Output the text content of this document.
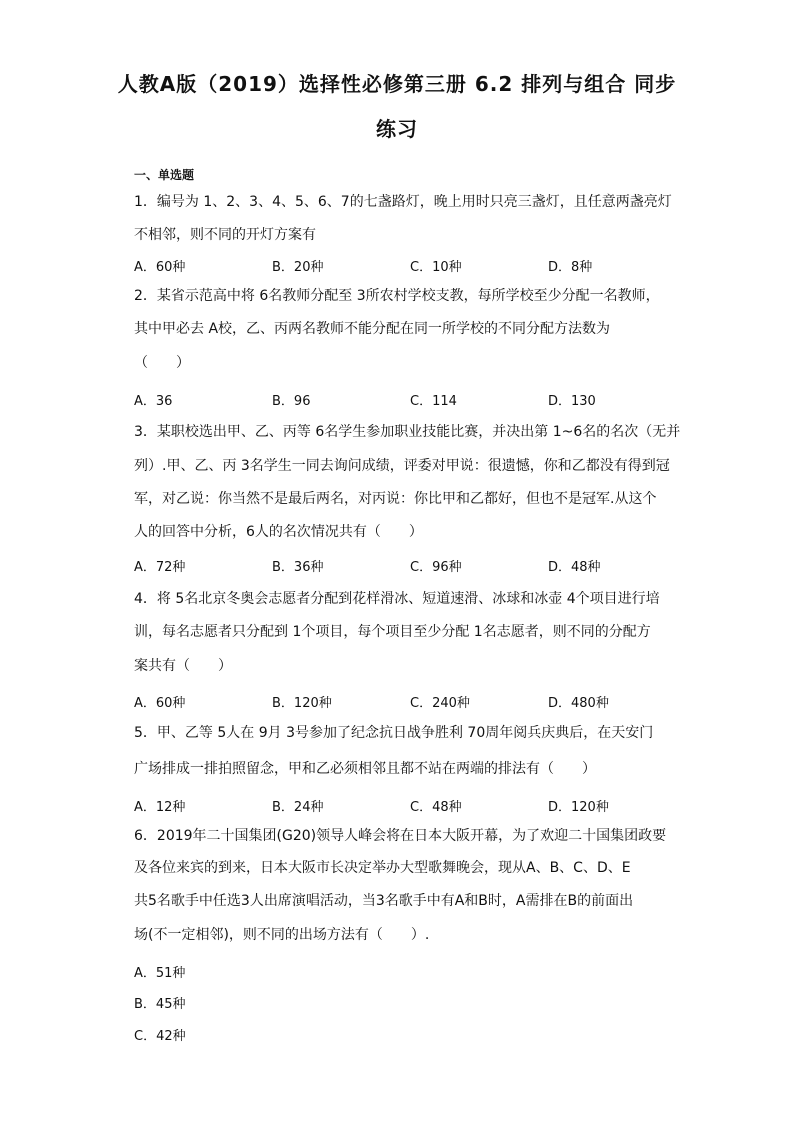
人教A版（2019）选择性必修第三册 6.2 排列与组合 同步
练习
一、单选题
1．编号为 1、2、3、4、5、6、7的七盏路灯，晚上用时只亮三盏灯，且任意两盏亮灯
不相邻，则不同的开灯方案有
A．60种	B．20种	C．10种	D．8种
2．某省示范高中将 6名教师分配至 3所农村学校支教，每所学校至少分配一名教师，
其中甲必去 A校，乙、丙两名教师不能分配在同一所学校的不同分配方法数为
（　　）
A．36	B．96	C．114	D．130
3．某职校选出甲、乙、丙等 6名学生参加职业技能比赛，并决出第 1~6名的名次（无并
列）.甲、乙、丙 3名学生一同去询问成绩，评委对甲说：很遗憾，你和乙都没有得到冠
军，对乙说：你当然不是最后两名，对丙说：你比甲和乙都好，但也不是冠军.从这个
人的回答中分析，6人的名次情况共有（　　）
A．72种	B．36种	C．96种	D．48种
4．将 5名北京冬奥会志愿者分配到花样滑冰、短道速滑、冰球和冰壶 4个项目进行培
训，每名志愿者只分配到 1个项目，每个项目至少分配 1名志愿者，则不同的分配方
案共有（　　）
A．60种	B．120种	C．240种	D．480种
5．甲、乙等 5人在 9月 3号参加了纪念抗日战争胜利 70周年阅兵庆典后，在天安门
广场排成一排拍照留念，甲和乙必须相邻且都不站在两端的排法有（　　）
A．12种	B．24种	C．48种	D．120种
6．2019年二十国集团(G20)领导人峰会将在日本大阪开幕，为了欢迎二十国集团政要
及各位来宾的到来，日本大阪市长决定举办大型歌舞晚会，现从A、B、C、D、E
共5名歌手中任选3人出席演唱活动，当3名歌手中有A和B时，A需排在B的前面出
场(不一定相邻)，则不同的出场方法有（　　）.
A．51种
B．45种
C．42种
